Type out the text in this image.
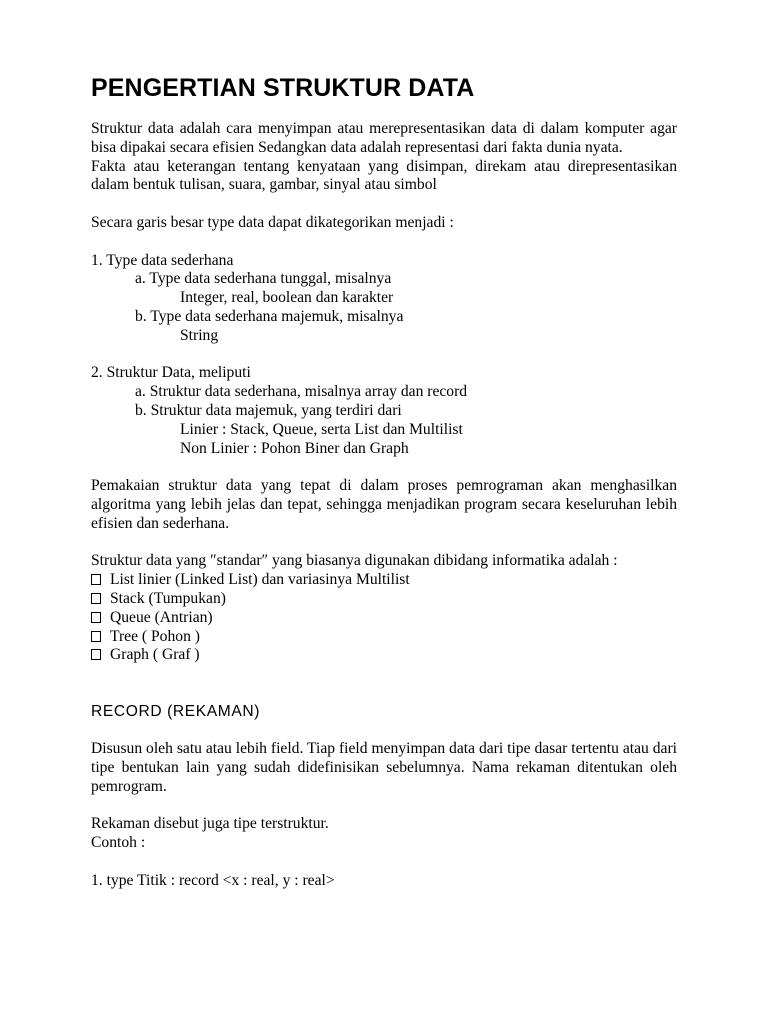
PENGERTIAN STRUKTUR DATA

Struktur data adalah cara menyimpan atau merepresentasikan data di dalam komputer agar bisa dipakai secara efisien Sedangkan data adalah representasi dari fakta dunia nyata.

Fakta atau keterangan tentang kenyataan yang disimpan, direkam atau direpresentasikan dalam bentuk tulisan, suara, gambar, sinyal atau simbol

Secara garis besar type data dapat dikategorikan menjadi :

1. Type data sederhana

a. Type data sederhana tunggal, misalnya

Integer, real, boolean dan karakter

b. Type data sederhana majemuk, misalnya

String

2. Struktur Data, meliputi

a. Struktur data sederhana, misalnya array dan record

b. Struktur data majemuk, yang terdiri dari

Linier : Stack, Queue, serta List dan Multilist

Non Linier : Pohon Biner dan Graph

Pemakaian struktur data yang tepat di dalam proses pemrograman akan menghasilkan algoritma yang lebih jelas dan tepat, sehingga menjadikan program secara keseluruhan lebih efisien dan sederhana.

Struktur data yang ″standar″ yang biasanya digunakan dibidang informatika adalah :

List linier (Linked List) dan variasinya Multilist

Stack (Tumpukan)

Queue (Antrian)

Tree ( Pohon )

Graph ( Graf )

RECORD (REKAMAN)

Disusun oleh satu atau lebih field. Tiap field menyimpan data dari tipe dasar tertentu atau dari tipe bentukan lain yang sudah didefinisikan sebelumnya. Nama rekaman ditentukan oleh pemrogram.

Rekaman disebut juga tipe terstruktur.

Contoh :

1. type Titik : record <x : real, y : real>
